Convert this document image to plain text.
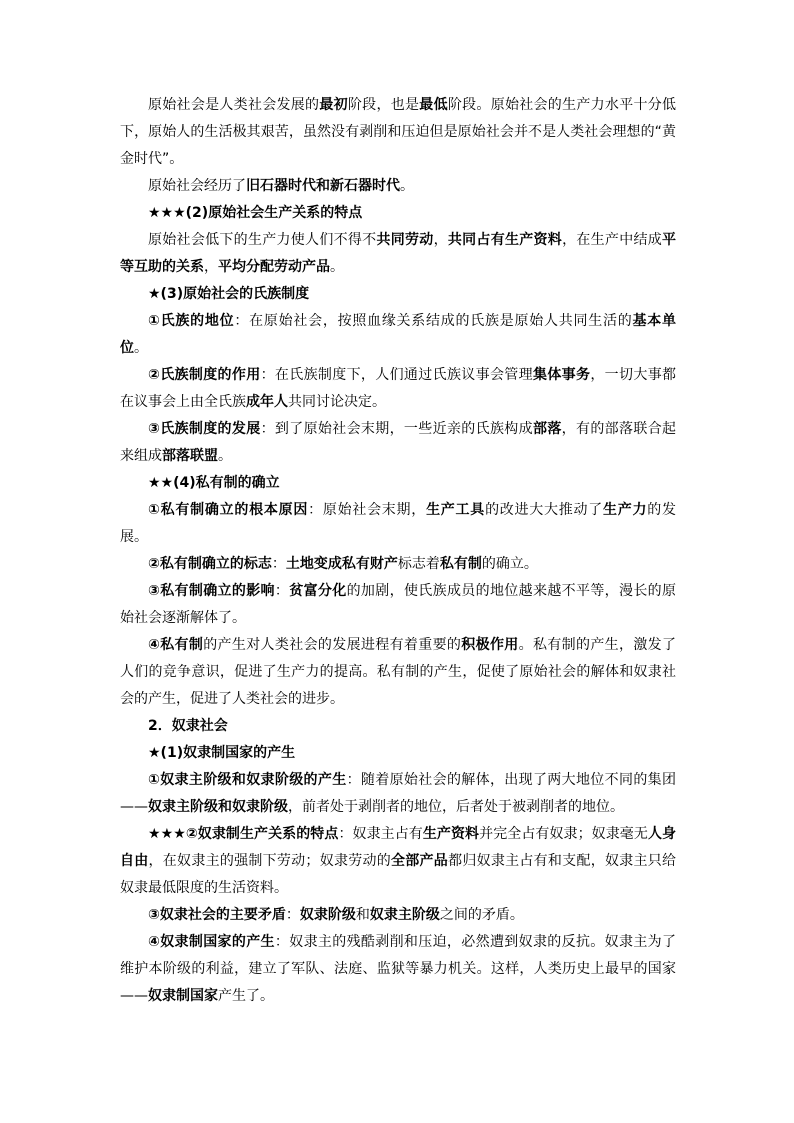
原始社会是人类社会发展的最初阶段，也是最低阶段。原始社会的生产力水平十分低下，原始人的生活极其艰苦，虽然没有剥削和压迫但是原始社会并不是人类社会理想的“黄金时代”。

原始社会经历了旧石器时代和新石器时代。

★★★(2)原始社会生产关系的特点

原始社会低下的生产力使人们不得不共同劳动，共同占有生产资料，在生产中结成平等互助的关系，平均分配劳动产品。

★(3)原始社会的氏族制度

①氏族的地位：在原始社会，按照血缘关系结成的氏族是原始人共同生活的基本单位。

②氏族制度的作用：在氏族制度下，人们通过氏族议事会管理集体事务，一切大事都在议事会上由全氏族成年人共同讨论决定。

③氏族制度的发展：到了原始社会末期，一些近亲的氏族构成部落，有的部落联合起来组成部落联盟。

★★(4)私有制的确立

①私有制确立的根本原因：原始社会末期，生产工具的改进大大推动了生产力的发展。

②私有制确立的标志：土地变成私有财产标志着私有制的确立。

③私有制确立的影响：贫富分化的加剧，使氏族成员的地位越来越不平等，漫长的原始社会逐渐解体了。

④私有制的产生对人类社会的发展进程有着重要的积极作用。私有制的产生，激发了人们的竞争意识，促进了生产力的提高。私有制的产生，促使了原始社会的解体和奴隶社会的产生，促进了人类社会的进步。

2．奴隶社会

★(1)奴隶制国家的产生

①奴隶主阶级和奴隶阶级的产生：随着原始社会的解体，出现了两大地位不同的集团——奴隶主阶级和奴隶阶级，前者处于剥削者的地位，后者处于被剥削者的地位。

★★★②奴隶制生产关系的特点：奴隶主占有生产资料并完全占有奴隶；奴隶毫无人身自由，在奴隶主的强制下劳动；奴隶劳动的全部产品都归奴隶主占有和支配，奴隶主只给奴隶最低限度的生活资料。

③奴隶社会的主要矛盾：奴隶阶级和奴隶主阶级之间的矛盾。

④奴隶制国家的产生：奴隶主的残酷剥削和压迫，必然遭到奴隶的反抗。奴隶主为了维护本阶级的利益，建立了军队、法庭、监狱等暴力机关。这样，人类历史上最早的国家——奴隶制国家产生了。
